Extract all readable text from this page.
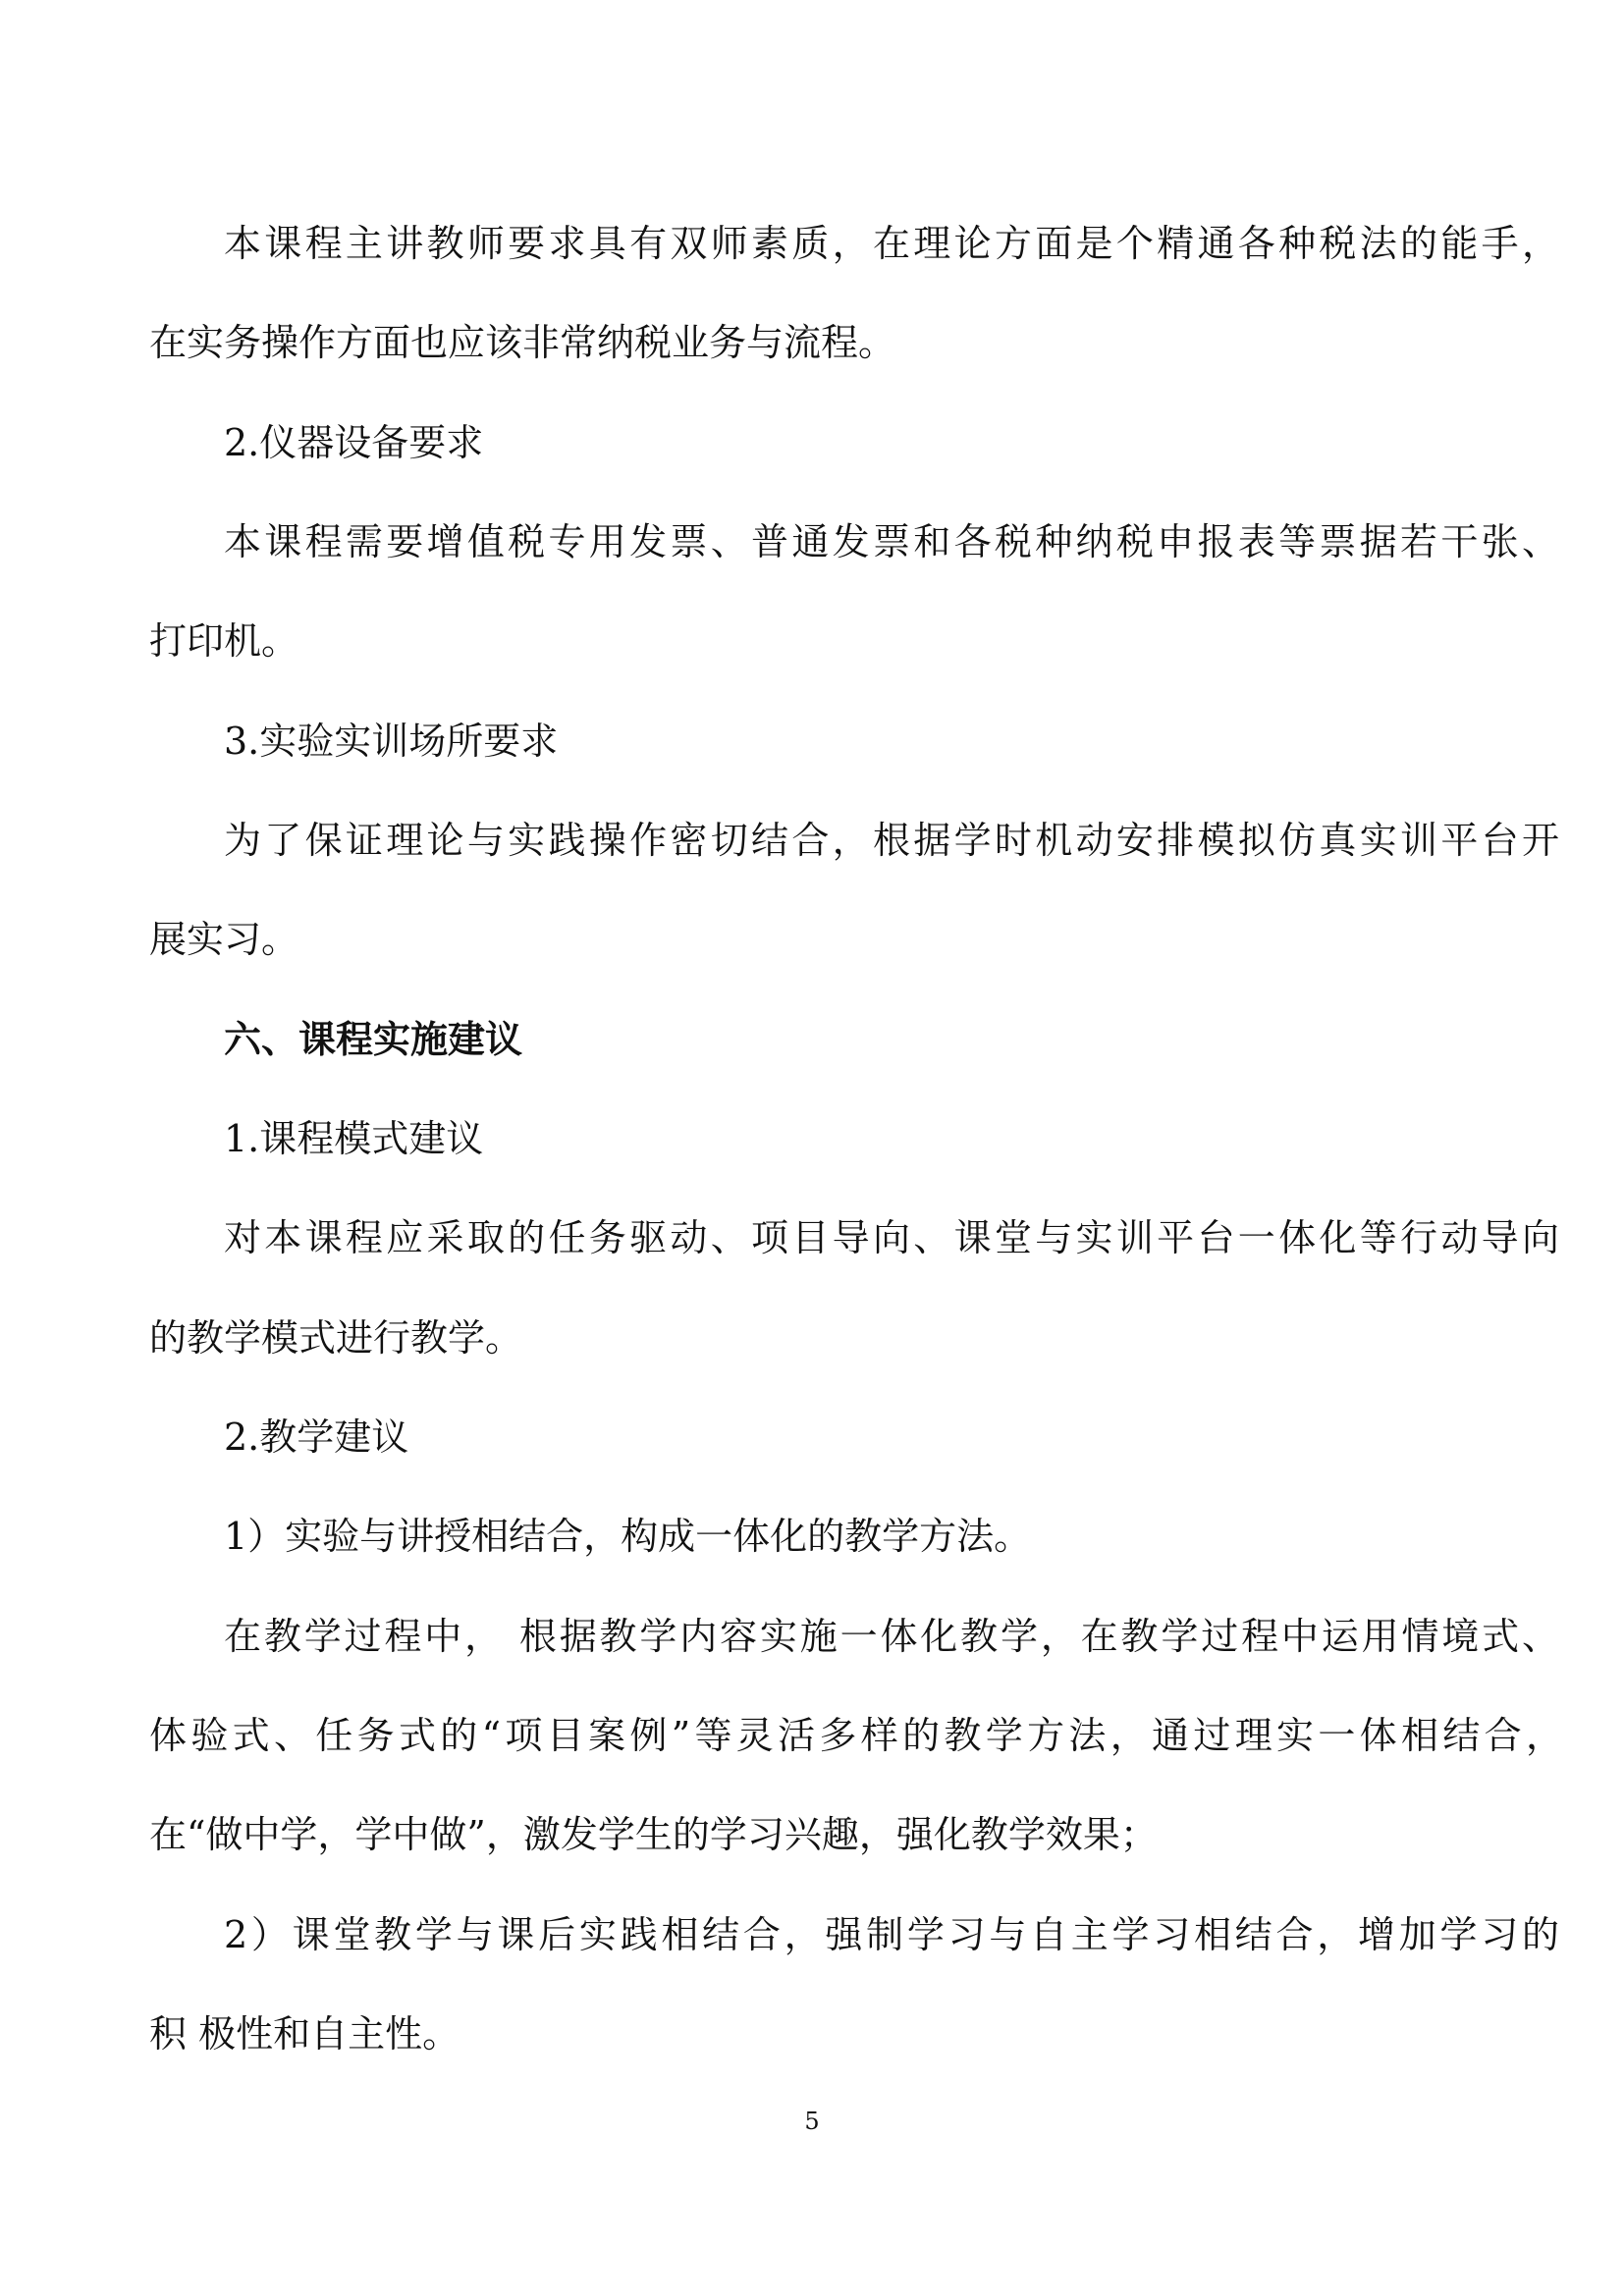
本课程主讲教师要求具有双师素质，在理论方面是个精通各种税法的能手，
在实务操作方面也应该非常纳税业务与流程。
2.仪器设备要求
本课程需要增值税专用发票、普通发票和各税种纳税申报表等票据若干张、
打印机。
3.实验实训场所要求
为了保证理论与实践操作密切结合，根据学时机动安排模拟仿真实训平台开
展实习。
六、课程实施建议
1.课程模式建议
对本课程应采取的任务驱动、项目导向、课堂与实训平台一体化等行动导向
的教学模式进行教学。
2.教学建议
1）实验与讲授相结合，构成一体化的教学方法。
在教学过程中， 根据教学内容实施一体化教学，在教学过程中运用情境式、
体验式、任务式的“项目案例”等灵活多样的教学方法，通过理实一体相结合，
在“做中学，学中做”，激发学生的学习兴趣，强化教学效果；
2）课堂教学与课后实践相结合，强制学习与自主学习相结合，增加学习的
积 极性和自主性。
5
